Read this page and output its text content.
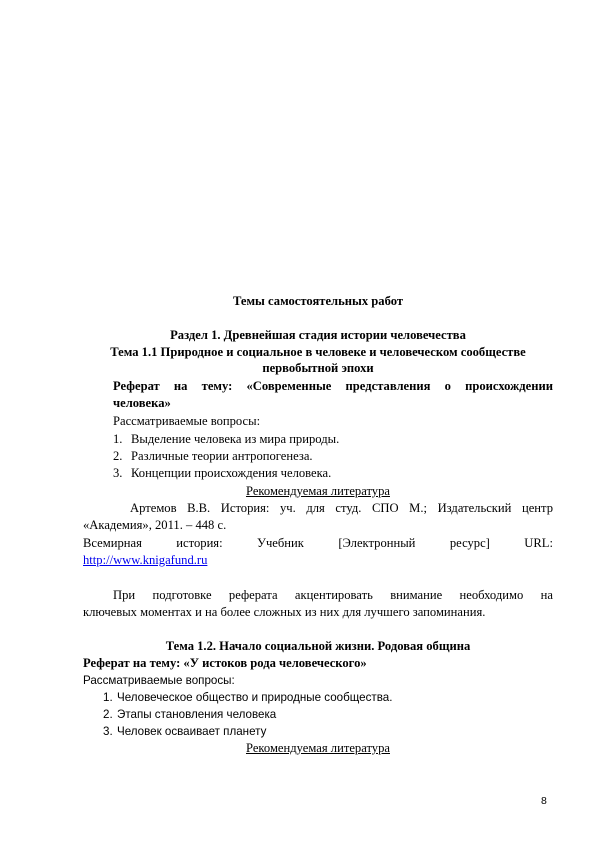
Темы самостоятельных работ
Раздел 1. Древнейшая стадия истории человечества
Тема 1.1 Природное и социальное в человеке и человеческом сообществе
первобытной эпохи
Реферат на тему: «Современные представления о происхождении
человека»
Рассматриваемые вопросы:
1. Выделение человека из мира природы.
2. Различные теории антропогенеза.
3. Концепции происхождения человека.
Рекомендуемая литература
Артемов В.В. История: уч. для студ. СПО М.; Издательский центр
«Академия», 2011. – 448 с.
Всемирная история: Учебник [Электронный ресурс] URL:
http://www.knigafund.ru
При подготовке реферата акцентировать внимание необходимо на
ключевых моментах и на более сложных из них для лучшего запоминания.
Тема 1.2. Начало социальной жизни. Родовая община
Реферат на тему: «У истоков рода человеческого»
Рассматриваемые вопросы:
1. Человеческое общество и природные сообщества.
2. Этапы становления человека
3. Человек осваивает планету
Рекомендуемая литература
8
